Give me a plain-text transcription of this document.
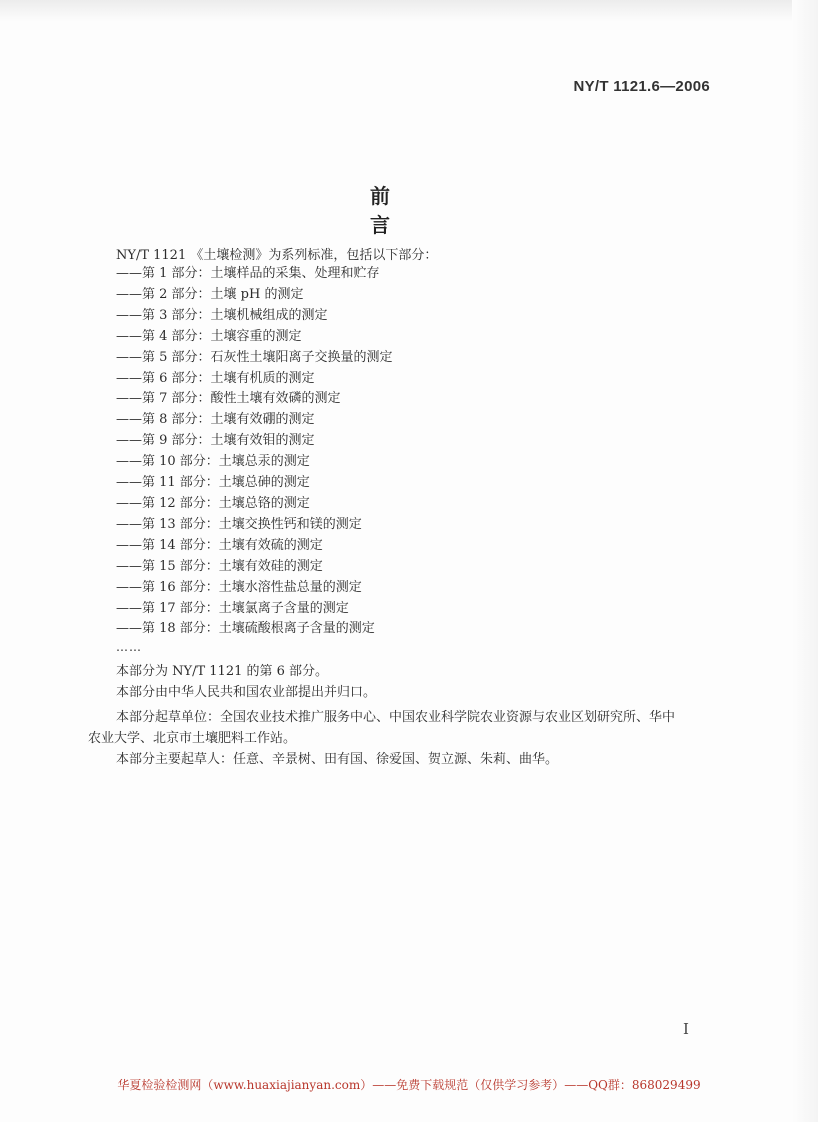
NY/T 1121.6—2006
前 言
NY/T 1121 《土壤检测》为系列标准，包括以下部分：
——第 1 部分：土壤样品的采集、处理和贮存
——第 2 部分：土壤 pH 的测定
——第 3 部分：土壤机械组成的测定
——第 4 部分：土壤容重的测定
——第 5 部分：石灰性土壤阳离子交换量的测定
——第 6 部分：土壤有机质的测定
——第 7 部分：酸性土壤有效磷的测定
——第 8 部分：土壤有效硼的测定
——第 9 部分：土壤有效钼的测定
——第 10 部分：土壤总汞的测定
——第 11 部分：土壤总砷的测定
——第 12 部分：土壤总铬的测定
——第 13 部分：土壤交换性钙和镁的测定
——第 14 部分：土壤有效硫的测定
——第 15 部分：土壤有效硅的测定
——第 16 部分：土壤水溶性盐总量的测定
——第 17 部分：土壤氯离子含量的测定
——第 18 部分：土壤硫酸根离子含量的测定
……
本部分为 NY/T 1121 的第 6 部分。
本部分由中华人民共和国农业部提出并归口。
本部分起草单位：全国农业技术推广服务中心、中国农业科学院农业资源与农业区划研究所、华中
农业大学、北京市土壤肥料工作站。
本部分主要起草人：任意、辛景树、田有国、徐爱国、贺立源、朱莉、曲华。
I
华夏检验检测网（www.huaxiajianyan.com）——免费下载规范（仅供学习参考）——QQ群：868029499
